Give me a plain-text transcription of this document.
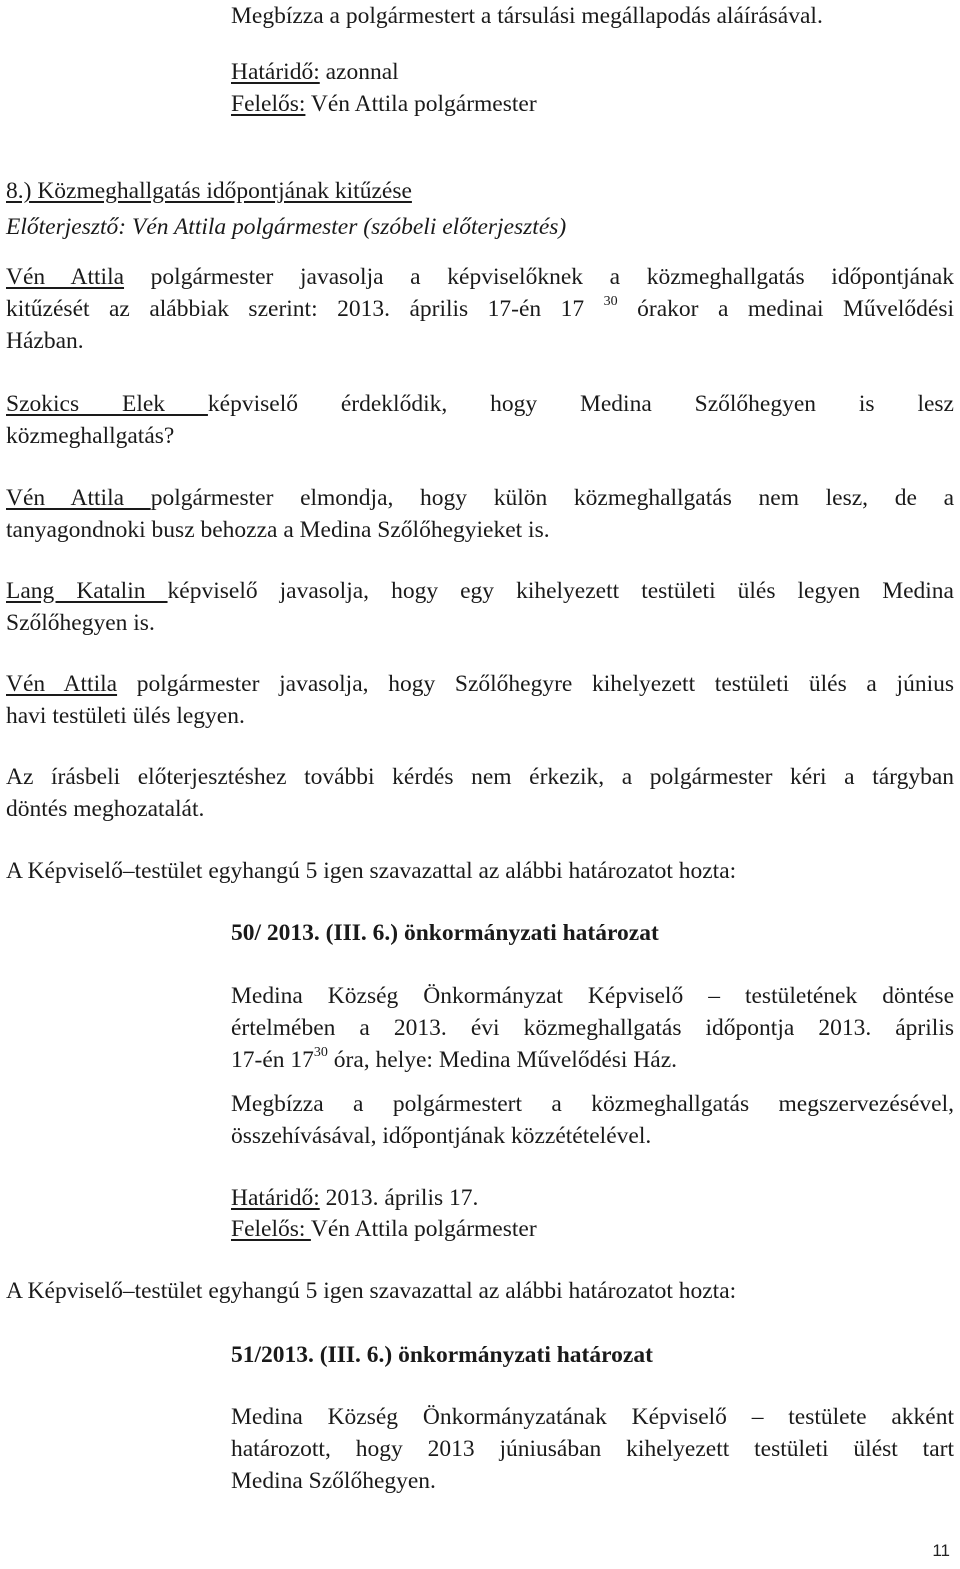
Megbízza a polgármestert a társulási megállapodás aláírásával.
Határidő: azonnal
Felelős: Vén Attila polgármester
8.) Közmeghallgatás időpontjának kitűzése
Előterjesztő: Vén Attila polgármester (szóbeli előterjesztés)
Vén Attila polgármester javasolja a képviselőknek a közmeghallgatás időpontjának
kitűzését az alábbiak szerint: 2013. április 17-én 17 $^{30}$ órakor a medinai Művelődési
Házban.
Szokics Elek képviselő érdeklődik, hogy Medina Szőlőhegyen is lesz
közmeghallgatás?
Vén Attila polgármester elmondja, hogy külön közmeghallgatás nem lesz, de a
tanyagondnoki busz behozza a Medina Szőlőhegyieket is.
Lang Katalin képviselő javasolja, hogy egy kihelyezett testületi ülés legyen Medina
Szőlőhegyen is.
Vén Attila polgármester javasolja, hogy Szőlőhegyre kihelyezett testületi ülés a június
havi testületi ülés legyen.
Az írásbeli előterjesztéshez további kérdés nem érkezik, a polgármester kéri a tárgyban
döntés meghozatalát.
A Képviselő–testület egyhangú 5 igen szavazattal az alábbi határozatot hozta:
50/ 2013. (III. 6.) önkormányzati határozat
Medina Község Önkormányzat Képviselő – testületének döntése
értelmében a 2013. évi közmeghallgatás időpontja 2013. április
17-én $17^{30}$ óra, helye: Medina Művelődési Ház.
Megbízza a polgármestert a közmeghallgatás megszervezésével,
összehívásával, időpontjának közzétételével.
Határidő: 2013. április 17.
Felelős: Vén Attila polgármester
A Képviselő–testület egyhangú 5 igen szavazattal az alábbi határozatot hozta:
51/2013. (III. 6.) önkormányzati határozat
Medina Község Önkormányzatának Képviselő – testülete akként
határozott, hogy 2013 júniusában kihelyezett testületi ülést tart
Medina Szőlőhegyen.
11
